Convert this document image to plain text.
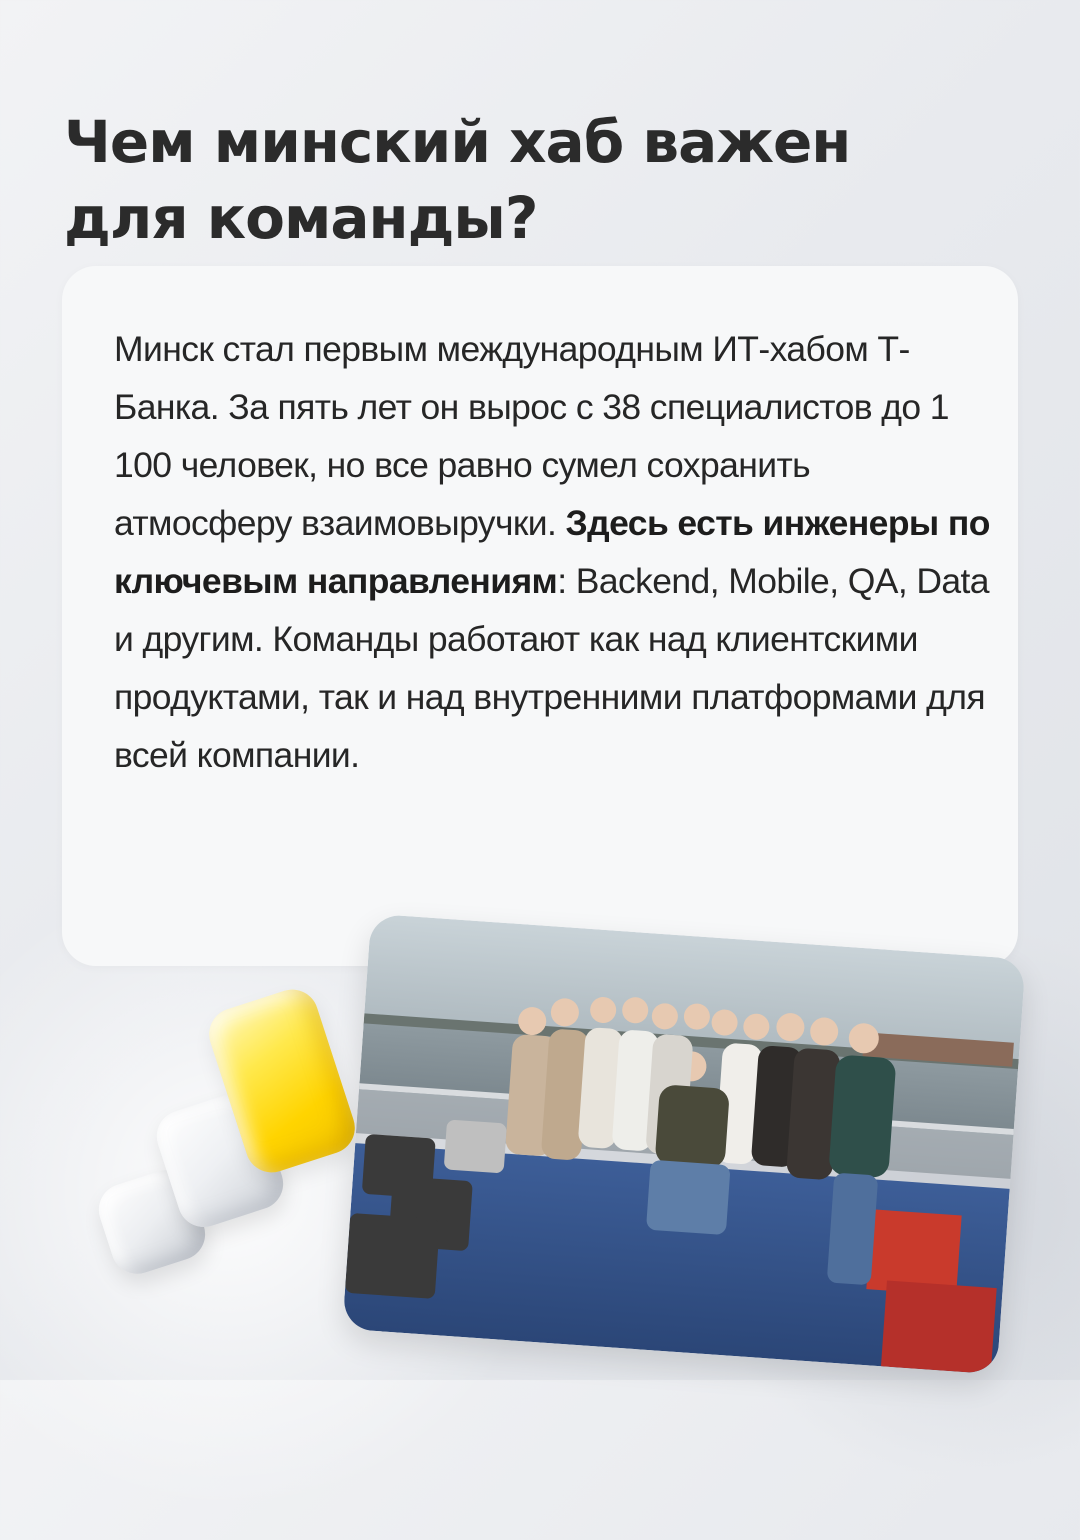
Чем минский хаб важен
для команды?

Минск стал первым международным ИТ-хабом Т-Банка. За пять лет он вырос с 38 специалистов до 1 100 человек, но все равно сумел сохранить атмосферу взаимовыручки. Здесь есть инженеры по ключевым направлениям: Backend, Mobile, QA, Data и другим. Команды работают как над клиентскими продуктами, так и над внутренними платформами для всей компании.
